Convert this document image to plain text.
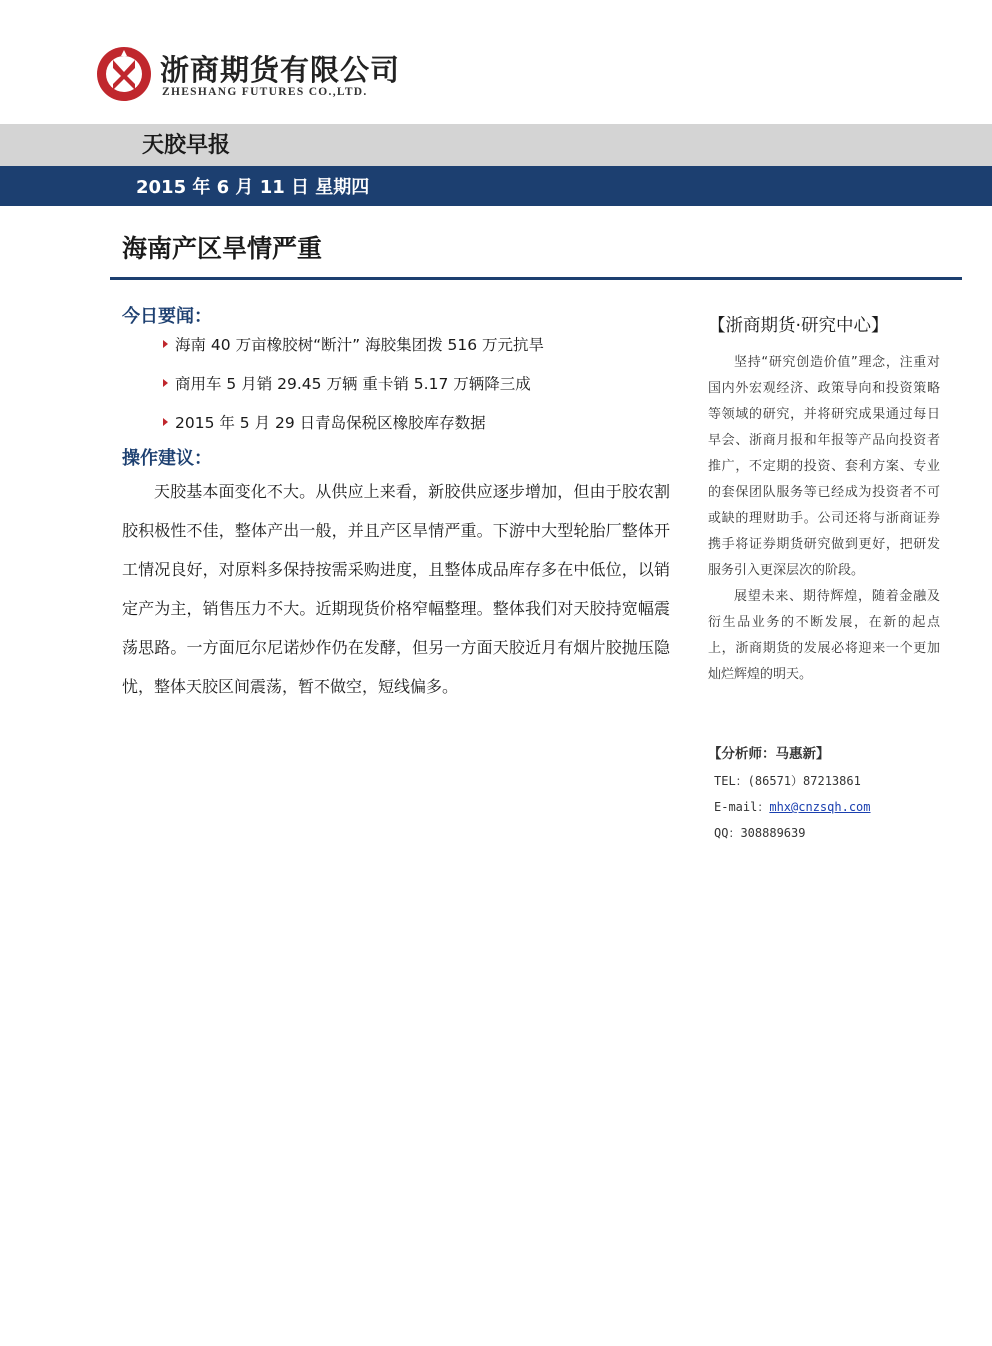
浙商期货有限公司
ZHESHANG FUTURES CO.,LTD.
天胶早报
2015 年 6 月 11 日 星期四
海南产区旱情严重
今日要闻：
海南 40 万亩橡胶树“断汁” 海胶集团拨 516 万元抗旱
商用车 5 月销 29.45 万辆 重卡销 5.17 万辆降三成
2015 年 5 月 29 日青岛保税区橡胶库存数据
操作建议：

天胶基本面变化不大。从供应上来看，新胶供应逐步增加，但由于胶农割胶积极性不佳，整体产出一般，并且产区旱情严重。下游中大型轮胎厂整体开工情况良好，对原料多保持按需采购进度，且整体成品库存多在中低位，以销定产为主，销售压力不大。近期现货价格窄幅整理。整体我们对天胶持宽幅震荡思路。一方面厄尔尼诺炒作仍在发酵，但另一方面天胶近月有烟片胶抛压隐忧，整体天胶区间震荡，暂不做空，短线偏多。

【浙商期货·研究中心】

坚持“研究创造价值”理念，注重对国内外宏观经济、政策导向和投资策略等领域的研究，并将研究成果通过每日早会、浙商月报和年报等产品向投资者推广，不定期的投资、套利方案、专业的套保团队服务等已经成为投资者不可或缺的理财助手。公司还将与浙商证券携手将证券期货研究做到更好，把研发服务引入更深层次的阶段。

展望未来、期待辉煌，随着金融及衍生品业务的不断发展，在新的起点上，浙商期货的发展必将迎来一个更加灿烂辉煌的明天。

【分析师：马惠新】
TEL：(86571）87213861
E-mail：mhx@cnzsqh.com
QQ：308889639
